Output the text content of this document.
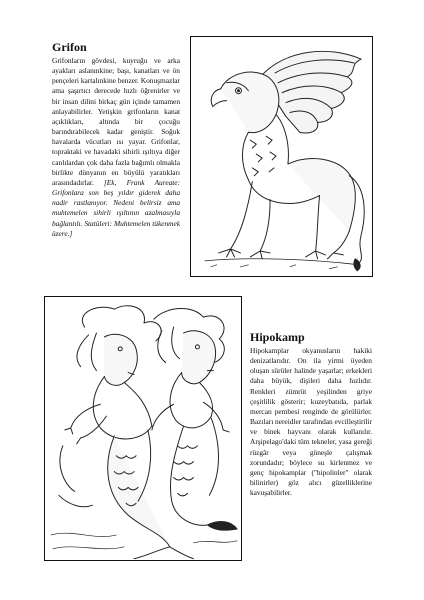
Grifon

Grifonların gövdesi, kuyruğu ve arka ayakları aslanınkine; başı, kanatları ve ön pençeleri kartalınkine benzer. Konuşmazlar ama şaşırtıcı derecede hızlı öğrenirler ve bir insan dilini birkaç gün içinde tamamen anlayabilirler. Yetişkin grifonların kanat açıklıkları, altında bir çocuğu barındırabilecek kadar geniştir. Soğuk havalarda vücutları ısı yayar. Grifonlar, topraktaki ve havadaki sihirli ışıltıya diğer canlılardan çok daha fazla bağımlı olmakla birlikte dünyanın en büyülü yaratıkları arasındadırlar. [Ek, Frank Aureate: Grifonlara son beş yıldır giderek daha nadir rastlanıyor. Nedeni belirsiz ama muhtemelen sihirli ışıltının azalmasıyla bağlantılı. Statüleri: Muhtemelen tükenmek üzere.]

Hipokamp

Hipokamplar okyanusların hakiki denizatlarıdır. On ila yirmi üyeden oluşan sürüler halinde yaşarlar; erkekleri daha büyük, dişileri daha hızlıdır. Renkleri zümrüt yeşilinden griye çeşitlilik gösterir; kuzeybatıda, parlak mercan pembesi renginde de görülürler. Bazıları nereidler tarafından evcilleştirilir ve binek hayvanı olarak kullanılır. Arşipelago'daki tüm tekneler, yasa gereği rüzgâr veya güneşle çalışmak zorundadır; böylece su kirlenmez ve genç hipokamplar ("hipolinler" olarak bilinirler) göz alıcı güzelliklerine kavuşabilirler.
